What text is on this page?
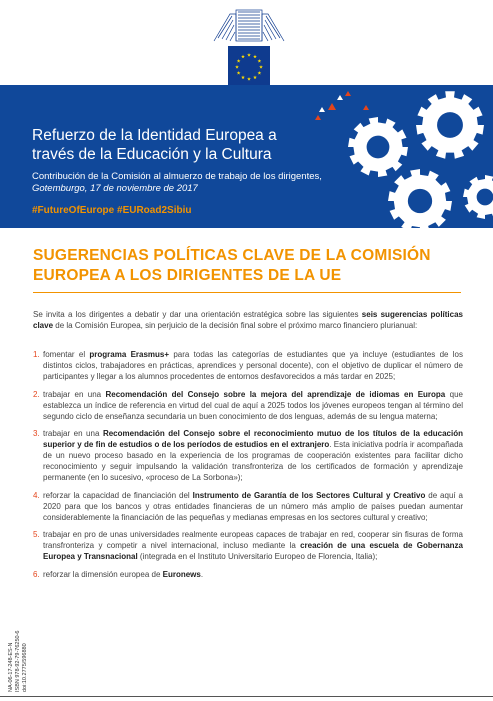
Refuerzo de la Identidad Europea a través de la Educación y la Cultura
Contribución de la Comisión al almuerzo de trabajo de los dirigentes,
Gotemburgo, 17 de noviembre de 2017
#FutureOfEurope #EURoad2Sibiu
SUGERENCIAS POLÍTICAS CLAVE DE LA COMISIÓN EUROPEA A LOS DIRIGENTES DE LA UE
Se invita a los dirigentes a debatir y dar una orientación estratégica sobre las siguientes seis sugerencias políticas clave de la Comisión Europea, sin perjuicio de la decisión final sobre el próximo marco financiero plurianual:
1. fomentar el programa Erasmus+ para todas las categorías de estudiantes que ya incluye (estudiantes de los distintos ciclos, trabajadores en prácticas, aprendices y personal docente), con el objetivo de duplicar el número de participantes y llegar a los alumnos procedentes de entornos desfavorecidos a más tardar en 2025;
2. trabajar en una Recomendación del Consejo sobre la mejora del aprendizaje de idiomas en Europa que establezca un índice de referencia en virtud del cual de aquí a 2025 todos los jóvenes europeos tengan al término del segundo ciclo de enseñanza secundaria un buen conocimiento de dos lenguas, además de su lengua materna;
3. trabajar en una Recomendación del Consejo sobre el reconocimiento mutuo de los títulos de la educación superior y de fin de estudios o de los períodos de estudios en el extranjero. Esta iniciativa podría ir acompañada de un nuevo proceso basado en la experiencia de los programas de cooperación existentes para facilitar dicho reconocimiento y seguir impulsando la validación transfronteriza de los certificados de formación y aprendizaje permanente (en lo sucesivo, «proceso de La Sorbona»);
4. reforzar la capacidad de financiación del Instrumento de Garantía de los Sectores Cultural y Creativo de aquí a 2020 para que los bancos y otras entidades financieras de un número más amplio de países puedan aumentar considerablemente la financiación de las pequeñas y medianas empresas en los sectores cultural y creativo;
5. trabajar en pro de unas universidades realmente europeas capaces de trabajar en red, cooperar sin fisuras de forma transfronteriza y competir a nivel internacional, incluso mediante la creación de una escuela de Gobernanza Europea y Transnacional (integrada en el Instituto Universitario Europeo de Florencia, Italia);
6. reforzar la dimensión europea de Euronews.
NA-06-17-248-ES-N ISBN 978-92-79-76250-6 doi:10.2775/596880
